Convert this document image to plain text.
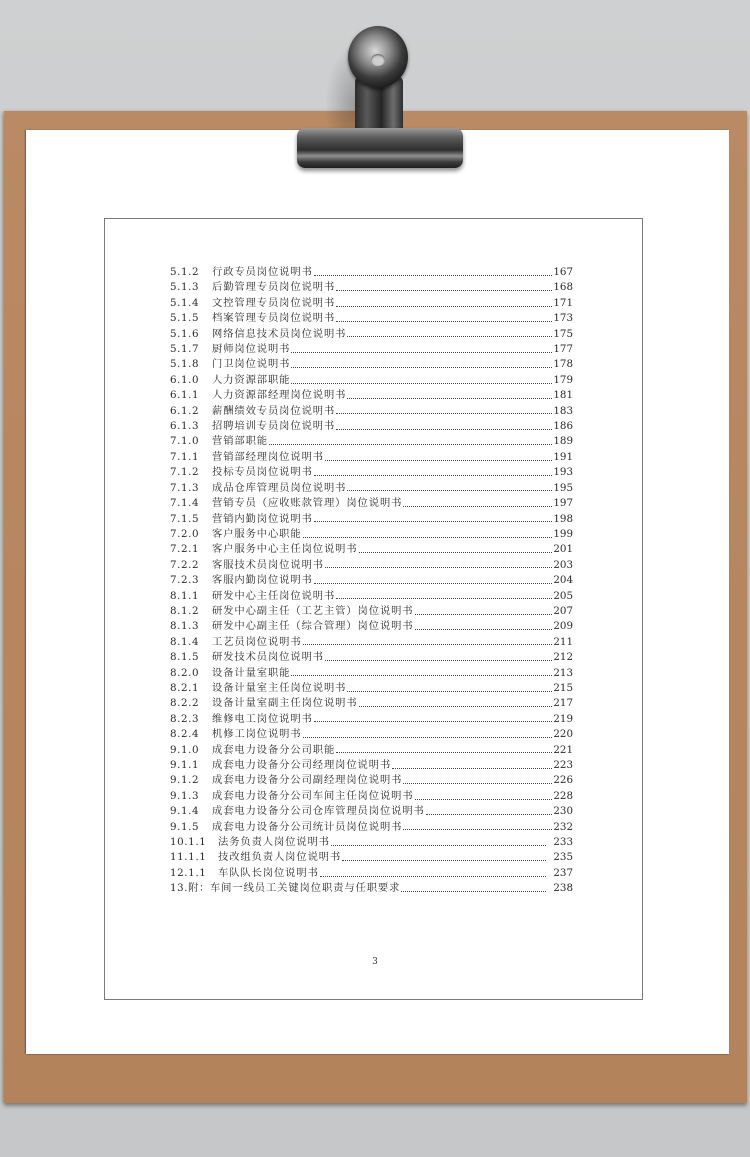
5.1.2	行政专员岗位说明书	167
5.1.3	后勤管理专员岗位说明书	168
5.1.4	文控管理专员岗位说明书	171
5.1.5	档案管理专员岗位说明书	173
5.1.6	网络信息技术员岗位说明书	175
5.1.7	厨师岗位说明书	177
5.1.8	门卫岗位说明书	178
6.1.0	人力资源部职能	179
6.1.1	人力资源部经理岗位说明书	181
6.1.2	薪酬绩效专员岗位说明书	183
6.1.3	招聘培训专员岗位说明书	186
7.1.0	营销部职能	189
7.1.1	营销部经理岗位说明书	191
7.1.2	投标专员岗位说明书	193
7.1.3	成品仓库管理员岗位说明书	195
7.1.4	营销专员（应收账款管理）岗位说明书	197
7.1.5	营销内勤岗位说明书	198
7.2.0	客户服务中心职能	199
7.2.1	客户服务中心主任岗位说明书	201
7.2.2	客服技术员岗位说明书	203
7.2.3	客服内勤岗位说明书	204
8.1.1	研发中心主任岗位说明书	205
8.1.2	研发中心副主任（工艺主管）岗位说明书	207
8.1.3	研发中心副主任（综合管理）岗位说明书	209
8.1.4	工艺员岗位说明书	211
8.1.5	研发技术员岗位说明书	212
8.2.0	设备计量室职能	213
8.2.1	设备计量室主任岗位说明书	215
8.2.2	设备计量室副主任岗位说明书	217
8.2.3	维修电工岗位说明书	219
8.2.4	机修工岗位说明书	220
9.1.0	成套电力设备分公司职能	221
9.1.1	成套电力设备分公司经理岗位说明书	223
9.1.2	成套电力设备分公司副经理岗位说明书	226
9.1.3	成套电力设备分公司车间主任岗位说明书	228
9.1.4	成套电力设备分公司仓库管理员岗位说明书	230
9.1.5	成套电力设备分公司统计员岗位说明书	232
10.1.1	法务负责人岗位说明书	233
11.1.1	技改组负责人岗位说明书	235
12.1.1	车队队长岗位说明书	237
13.附： 车间一线员工关键岗位职责与任职要求	238
3
